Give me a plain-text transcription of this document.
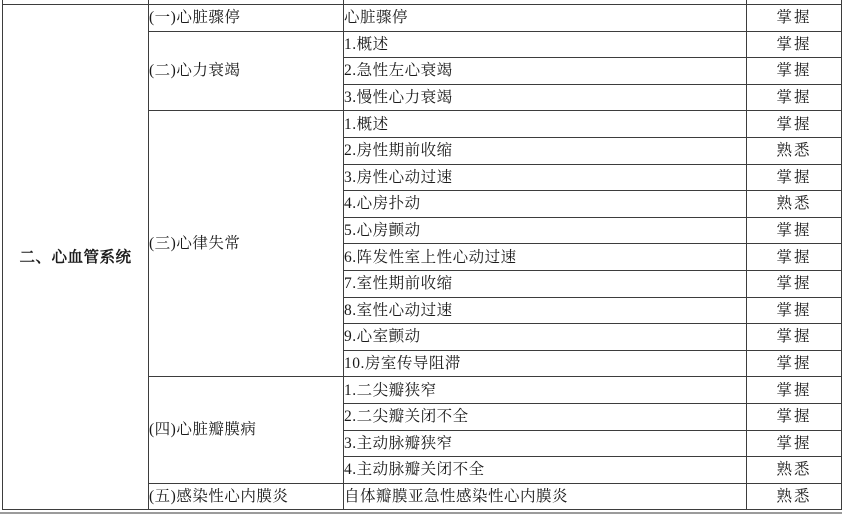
二、心血管系统	(一)心脏骤停	心脏骤停	掌握
	(二)心力衰竭	1.概述	掌握
		2.急性左心衰竭	掌握
		3.慢性心力衰竭	掌握
	(三)心律失常	1.概述	掌握
		2.房性期前收缩	熟悉
		3.房性心动过速	掌握
		4.心房扑动	熟悉
		5.心房颤动	掌握
		6.阵发性室上性心动过速	掌握
		7.室性期前收缩	掌握
		8.室性心动过速	掌握
		9.心室颤动	掌握
		10.房室传导阻滞	掌握
	(四)心脏瓣膜病	1.二尖瓣狭窄	掌握
		2.二尖瓣关闭不全	掌握
		3.主动脉瓣狭窄	掌握
		4.主动脉瓣关闭不全	熟悉
	(五)感染性心内膜炎	自体瓣膜亚急性感染性心内膜炎	熟悉
